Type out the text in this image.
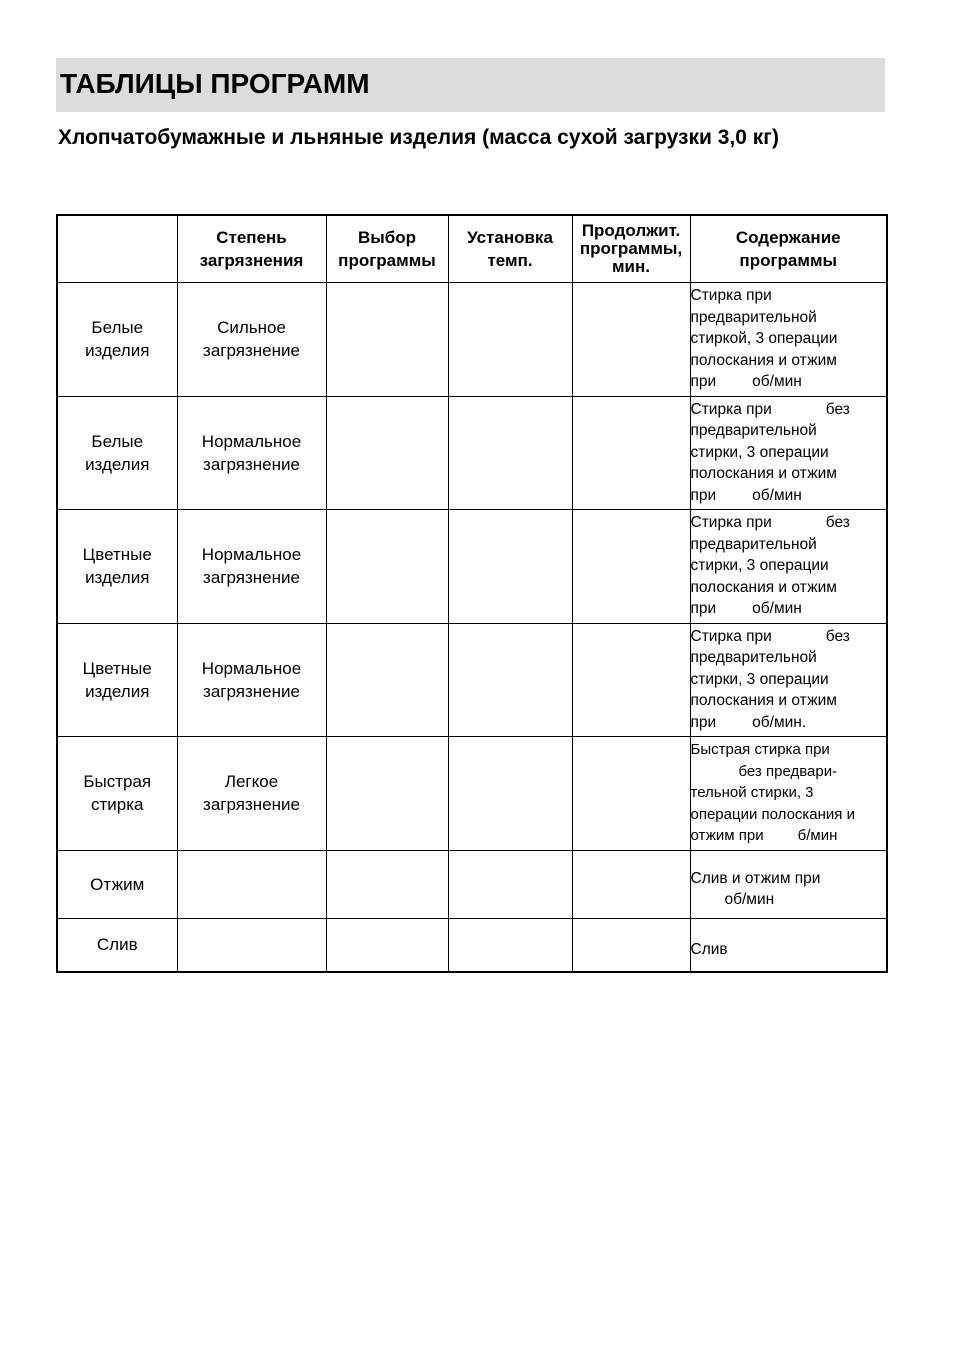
ТАБЛИЦЫ ПРОГРАММ
Хлопчатобумажные и льняные изделия (масса сухой загрузки 3,0 кг)
	Степень загрязнения	Выбор программы	Установка темп.	Продолжит. программы, мин.	Содержание программы
Белые изделия	Сильное загрязнение				Стирка при
предварительной
стиркой, 3 операции
полоскания и отжим
при об/мин

Белые изделия	Нормальное загрязнение				Стирка при без
предварительной
стирки, 3 операции
полоскания и отжим
при об/мин

Цветные изделия	Нормальное загрязнение				Стирка при без
предварительной
стирки, 3 операции
полоскания и отжим
при об/мин

Цветные изделия	Нормальное загрязнение				Стирка при без
предварительной
стирки, 3 операции
полоскания и отжим
при об/мин.

Быстрая стирка	Легкое загрязнение				Быстрая стирка при
без предвари-
тельной стирки, 3
операции полоскания и
отжим при б/мин

Отжим					Слив и отжим при
об/мин

Слив					Слив
